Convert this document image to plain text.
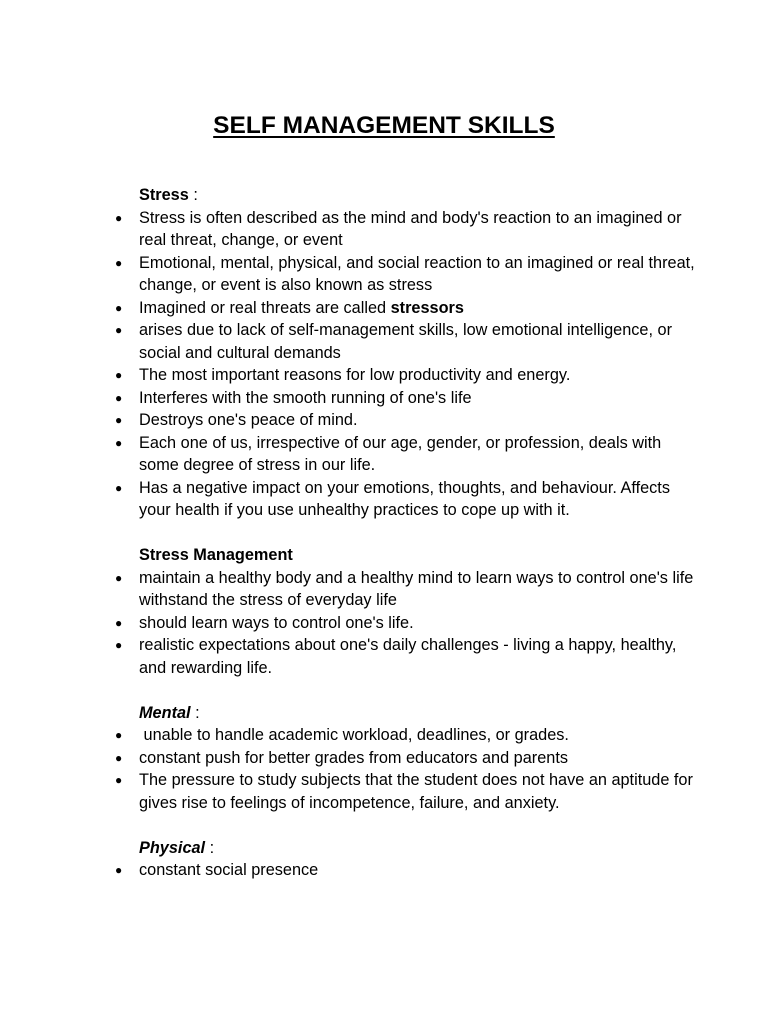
SELF MANAGEMENT SKILLS

Stress :

● Stress is often described as the mind and body's reaction to an imagined or real threat, change, or event
● Emotional, mental, physical, and social reaction to an imagined or real threat, change, or event is also known as stress
● Imagined or real threats are called stressors
● arises due to lack of self-management skills, low emotional intelligence, or social and cultural demands
● The most important reasons for low productivity and energy.
● Interferes with the smooth running of one's life
● Destroys one's peace of mind.
● Each one of us, irrespective of our age, gender, or profession, deals with some degree of stress in our life.
● Has a negative impact on your emotions, thoughts, and behaviour. Affects your health if you use unhealthy practices to cope up with it.

Stress Management

● maintain a healthy body and a healthy mind to learn ways to control one's life withstand the stress of everyday life
● should learn ways to control one's life.
● realistic expectations about one's daily challenges - living a happy, healthy, and rewarding life.

Mental :

●  unable to handle academic workload, deadlines, or grades.
● constant push for better grades from educators and parents
● The pressure to study subjects that the student does not have an aptitude for gives rise to feelings of incompetence, failure, and anxiety.

Physical :

● constant social presence
